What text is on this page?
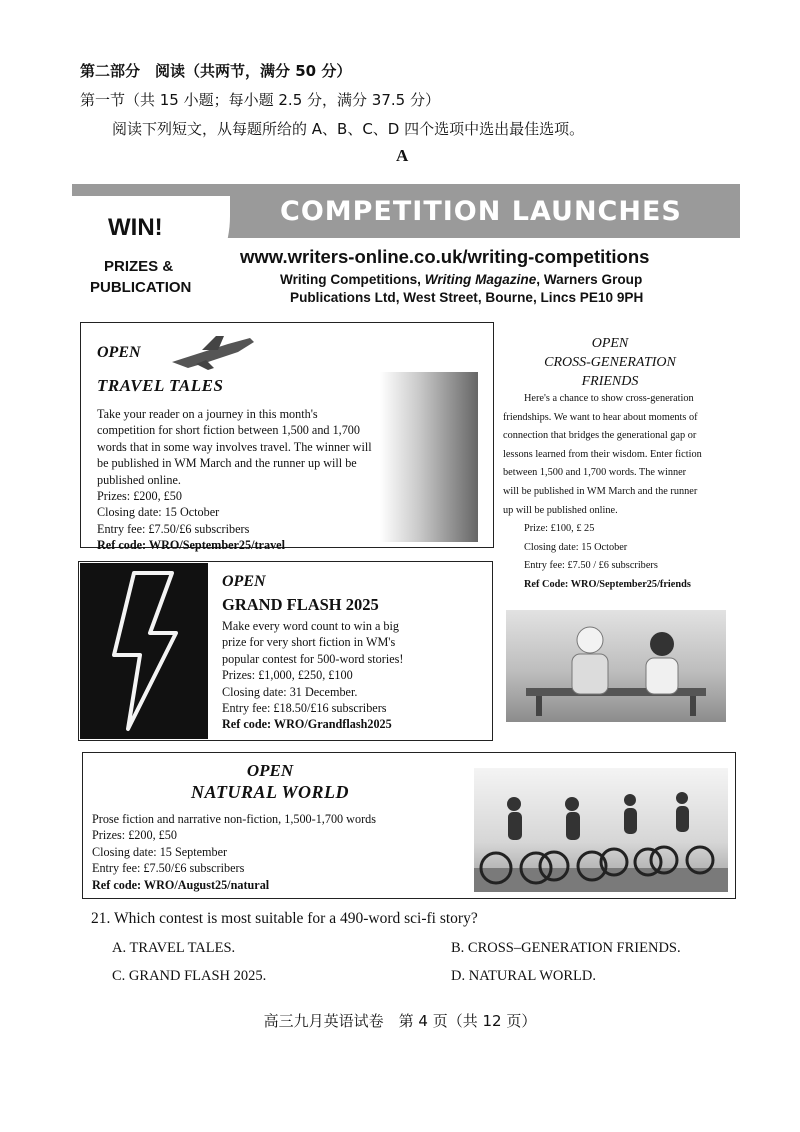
第二部分　阅读（共两节，满分 50 分）
第一节（共 15 小题；每小题 2.5 分，满分 37.5 分）
阅读下列短文，从每题所给的 A、B、C、D 四个选项中选出最佳选项。
A
COMPETITION LAUNCHES
WIN!
PRIZES &
PUBLICATION
www.writers-online.co.uk/writing-competitions
Writing Competitions, Writing Magazine, Warners Group
Publications Ltd, West Street, Bourne, Lincs PE10 9PH
OPEN
TRAVEL TALES
Take your reader on a journey in this month's
competition for short fiction between 1,500 and 1,700
words that in some way involves travel. The winner will
be published in WM March and the runner up will be
published online.
Prizes: £200, £50
Closing date: 15 October
Entry fee: £7.50/£6 subscribers
Ref code: WRO/September25/travel
OPEN
CROSS-GENERATION
FRIENDS
Here's a chance to show cross-generation
friendships. We want to hear about moments of
connection that bridges the generational gap or
lessons learned from their wisdom. Enter fiction
between 1,500 and 1,700 words. The winner
will be published in WM March and the runner
up will be published online.
Prize: £100, £ 25
Closing date: 15 October
Entry fee: £7.50 / £6 subscribers
Ref Code: WRO/September25/friends
OPEN
GRAND FLASH 2025
Make every word count to win a big
prize for very short fiction in WM's
popular contest for 500-word stories!
Prizes: £1,000, £250, £100
Closing date: 31 December.
Entry fee: £18.50/£16 subscribers
Ref code: WRO/Grandflash2025
OPEN
NATURAL WORLD
Prose fiction and narrative non-fiction, 1,500-1,700 words
Prizes: £200, £50
Closing date: 15 September
Entry fee: £7.50/£6 subscribers
Ref code: WRO/August25/natural
21. Which contest is most suitable for a 490-word sci-fi story?
A. TRAVEL TALES.	B. CROSS–GENERATION FRIENDS.
C. GRAND FLASH 2025.	D. NATURAL WORLD.
高三九月英语试卷　第 4 页（共 12 页）
